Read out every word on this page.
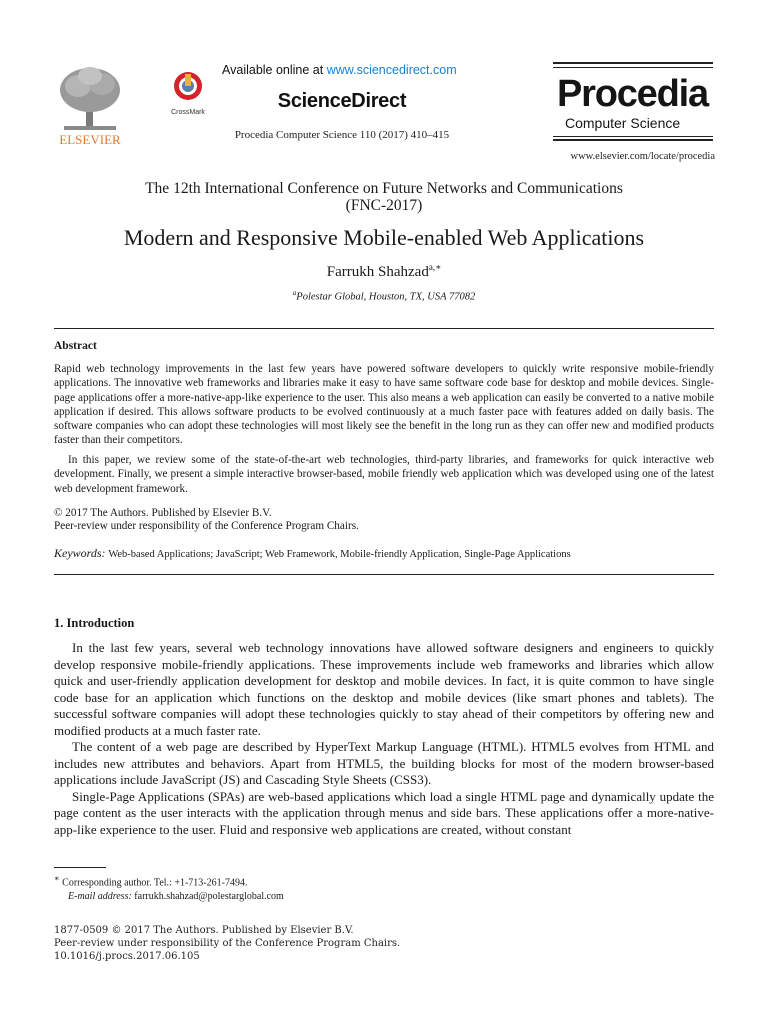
ELSEVIER
CrossMark
Available online at www.sciencedirect.com
ScienceDirect
Procedia Computer Science 110 (2017) 410–415
Procedia
Computer Science
www.elsevier.com/locate/procedia
The 12th International Conference on Future Networks and Communications
(FNC-2017)
Modern and Responsive Mobile-enabled Web Applications
Farrukh Shahzad$^{a,∗}$
$^a$Polestar Global, Houston, TX, USA 77082
Abstract
Rapid web technology improvements in the last few years have powered software developers to quickly write responsive mobile-friendly applications. The innovative web frameworks and libraries make it easy to have same software code base for desktop and mobile devices. Single-page applications offer a more-native-app-like experience to the user. This also means a web application can easily be converted to a native mobile application if desired. This allows software products to be evolved continuously at a much faster pace with features added on daily basis. The software companies who can adopt these technologies will most likely see the benefit in the long run as they can offer new and modified products faster than their competitors.
In this paper, we review some of the state-of-the-art web technologies, third-party libraries, and frameworks for quick interactive web development. Finally, we present a simple interactive browser-based, mobile friendly web application which was developed using one of the latest web development framework.
© 2017 The Authors. Published by Elsevier B.V.
Peer-review under responsibility of the Conference Program Chairs.
Keywords: Web-based Applications; JavaScript; Web Framework, Mobile-friendly Application, Single-Page Applications
1. Introduction

In the last few years, several web technology innovations have allowed software designers and engineers to quickly develop responsive mobile-friendly applications. These improvements include web frameworks and libraries which allow quick and user-friendly application development for desktop and mobile devices. In fact, it is quite common to have single code base for an application which functions on the desktop and mobile devices (like smart phones and tablets). The successful software companies will adopt these technologies quickly to stay ahead of their competitors by offering new and modified products at a much faster rate.

The content of a web page are described by HyperText Markup Language (HTML). HTML5 evolves from HTML and includes new attributes and behaviors. Apart from HTML5, the building blocks for most of the modern browser-based applications include JavaScript (JS) and Cascading Style Sheets (CSS3).

Single-Page Applications (SPAs) are web-based applications which load a single HTML page and dynamically update the page content as the user interacts with the application through menus and side bars. These applications offer a more-native-app-like experience to the user. Fluid and responsive web applications are created, without constant

∗ Corresponding author. Tel.: +1-713-261-7494.
E-mail address: farrukh.shahzad@polestarglobal.com
1877-0509 © 2017 The Authors. Published by Elsevier B.V.
Peer-review under responsibility of the Conference Program Chairs.
10.1016/j.procs.2017.06.105
